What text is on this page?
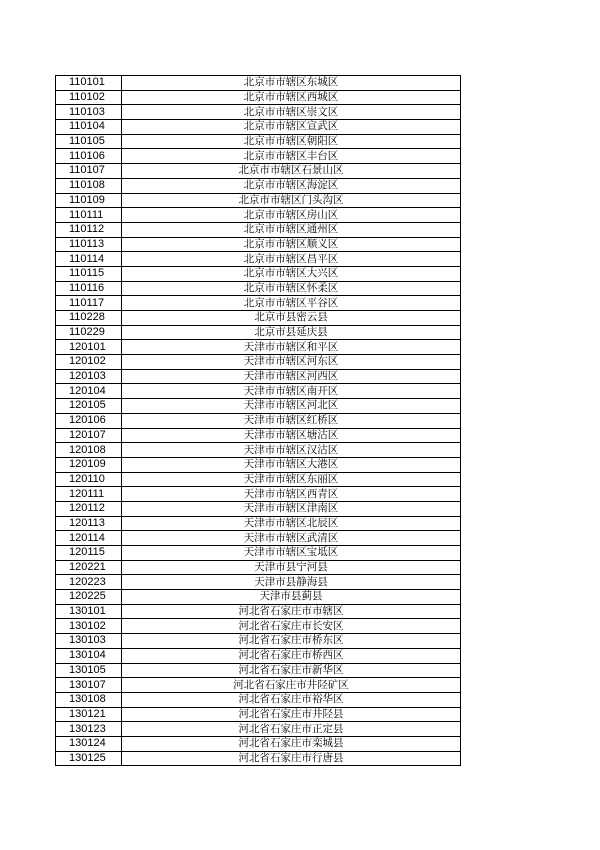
110101	北京市市辖区东城区
110102	北京市市辖区西城区
110103	北京市市辖区崇文区
110104	北京市市辖区宣武区
110105	北京市市辖区朝阳区
110106	北京市市辖区丰台区
110107	北京市市辖区石景山区
110108	北京市市辖区海淀区
110109	北京市市辖区门头沟区
110111	北京市市辖区房山区
110112	北京市市辖区通州区
110113	北京市市辖区顺义区
110114	北京市市辖区昌平区
110115	北京市市辖区大兴区
110116	北京市市辖区怀柔区
110117	北京市市辖区平谷区
110228	北京市县密云县
110229	北京市县延庆县
120101	天津市市辖区和平区
120102	天津市市辖区河东区
120103	天津市市辖区河西区
120104	天津市市辖区南开区
120105	天津市市辖区河北区
120106	天津市市辖区红桥区
120107	天津市市辖区塘沽区
120108	天津市市辖区汉沽区
120109	天津市市辖区大港区
120110	天津市市辖区东丽区
120111	天津市市辖区西青区
120112	天津市市辖区津南区
120113	天津市市辖区北辰区
120114	天津市市辖区武清区
120115	天津市市辖区宝坻区
120221	天津市县宁河县
120223	天津市县静海县
120225	天津市县蓟县
130101	河北省石家庄市市辖区
130102	河北省石家庄市长安区
130103	河北省石家庄市桥东区
130104	河北省石家庄市桥西区
130105	河北省石家庄市新华区
130107	河北省石家庄市井陉矿区
130108	河北省石家庄市裕华区
130121	河北省石家庄市井陉县
130123	河北省石家庄市正定县
130124	河北省石家庄市栾城县
130125	河北省石家庄市行唐县
